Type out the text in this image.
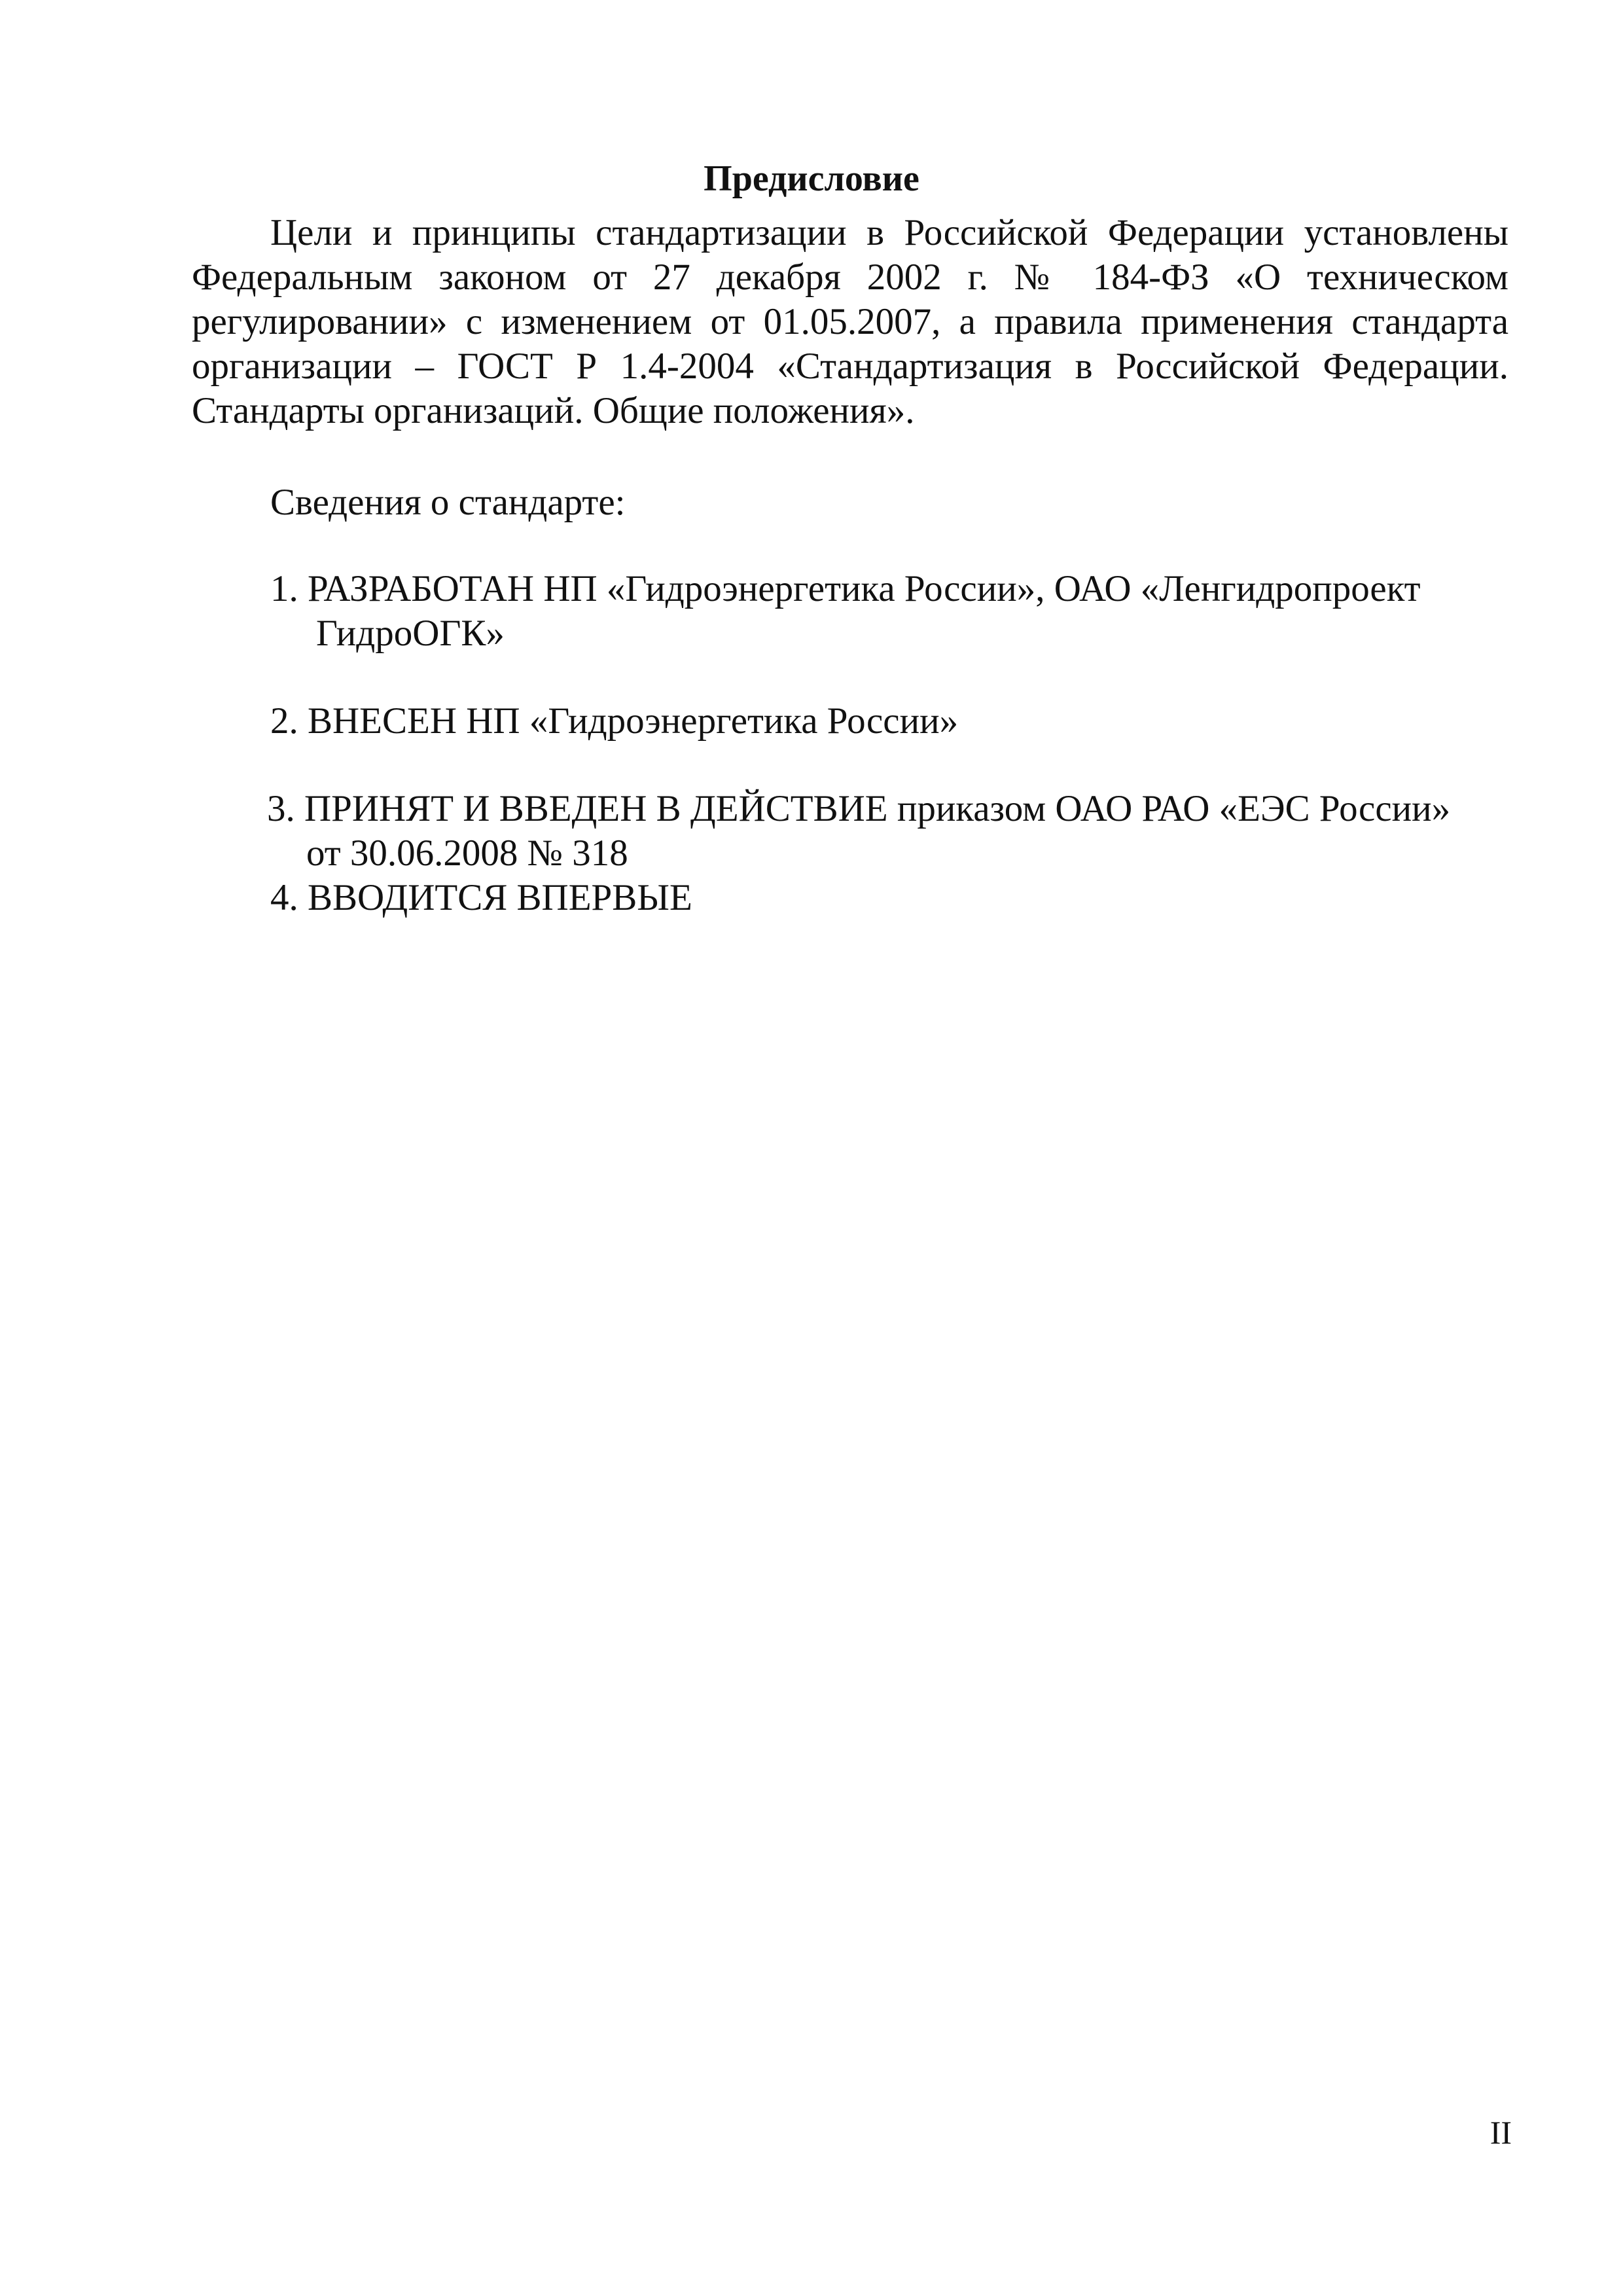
Предисловие

Цели и принципы стандартизации в Российской Федерации установлены Федеральным законом от 27 декабря 2002 г. № 184-ФЗ «О техническом регулировании» с изменением от 01.05.2007, а правила применения стандарта организации – ГОСТ Р 1.4-2004 «Стандартизация в Российской Федерации. Стандарты организаций. Общие положения».

Сведения о стандарте:
1. РАЗРАБОТАН НП «Гидроэнергетика России», ОАО «Ленгидропроект
ГидроОГК»
2. ВНЕСЕН НП «Гидроэнергетика России»
3. ПРИНЯТ И ВВЕДЕН В ДЕЙСТВИЕ приказом ОАО РАО «ЕЭС России»
от 30.06.2008 № 318
4. ВВОДИТСЯ ВПЕРВЫЕ
II
